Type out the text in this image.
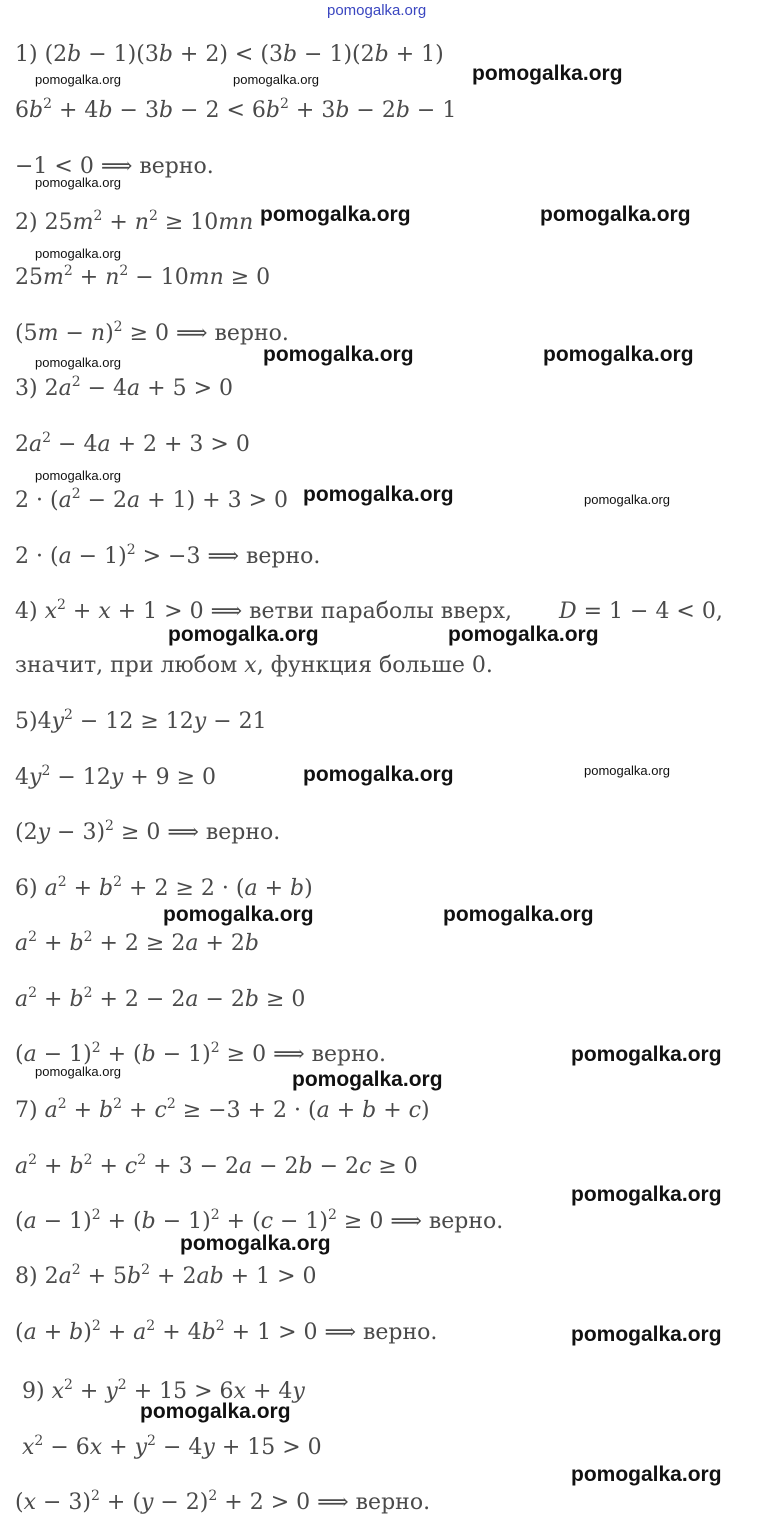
1) (2b − 1)(3b + 2) < (3b − 1)(2b + 1)
$6b^2 + 4b - 3b - 2 < 6b^2 + 3b - 2b - 1$
−1 < 0 ⟹ верно.
2) $25m^2 + n^2 \ge 10mn$
$25m^2 + n^2 - 10mn \ge 0$
$(5m - n)^2 \ge 0$ ⟹ верно.
3) $2a^2 - 4a + 5 > 0$
$2a^2 - 4a + 2 + 3 > 0$
$2 \cdot (a^2 - 2a + 1) + 3 > 0$
$2 \cdot (a - 1)^2 > -3$ ⟹ верно.
4) $x^2 + x + 1 > 0$ ⟹ ветви параболы вверх, D = 1 − 4 < 0,
значит, при любом x, функция больше 0.
$5)4y^2 - 12 \ge 12y - 21$
$4y^2 - 12y + 9 \ge 0$
$(2y - 3)^2 \ge 0$ ⟹ верно.
6) $a^2 + b^2 + 2 \ge 2 \cdot (a + b)$
$a^2 + b^2 + 2 \ge 2a + 2b$
$a^2 + b^2 + 2 - 2a - 2b \ge 0$
$(a - 1)^2 + (b - 1)^2 \ge 0$ ⟹ верно.
7) $a^2 + b^2 + c^2 \ge -3 + 2 \cdot (a + b + c)$
$a^2 + b^2 + c^2 + 3 - 2a - 2b - 2c \ge 0$
$(a - 1)^2 + (b - 1)^2 + (c - 1)^2 \ge 0$ ⟹ верно.
8) $2a^2 + 5b^2 + 2ab + 1 > 0$
$(a + b)^2 + a^2 + 4b^2 + 1 > 0$ ⟹ верно.
9) $x^2 + y^2 + 15 > 6x + 4y$
$x^2 - 6x + y^2 - 4y + 15 > 0$
$(x - 3)^2 + (y - 2)^2 + 2 > 0$ ⟹ верно.
pomogalka.org
pomogalka.org	pomogalka.org	pomogalka.org
pomogalka.org
pomogalka.org	pomogalka.org
pomogalka.org
pomogalka.org	pomogalka.org
pomogalka.org
pomogalka.org
pomogalka.org	pomogalka.org
pomogalka.org	pomogalka.org
pomogalka.org	pomogalka.org
pomogalka.org	pomogalka.org
pomogalka.org
pomogalka.org	pomogalka.org
pomogalka.org
pomogalka.org
pomogalka.org
pomogalka.org
pomogalka.org
